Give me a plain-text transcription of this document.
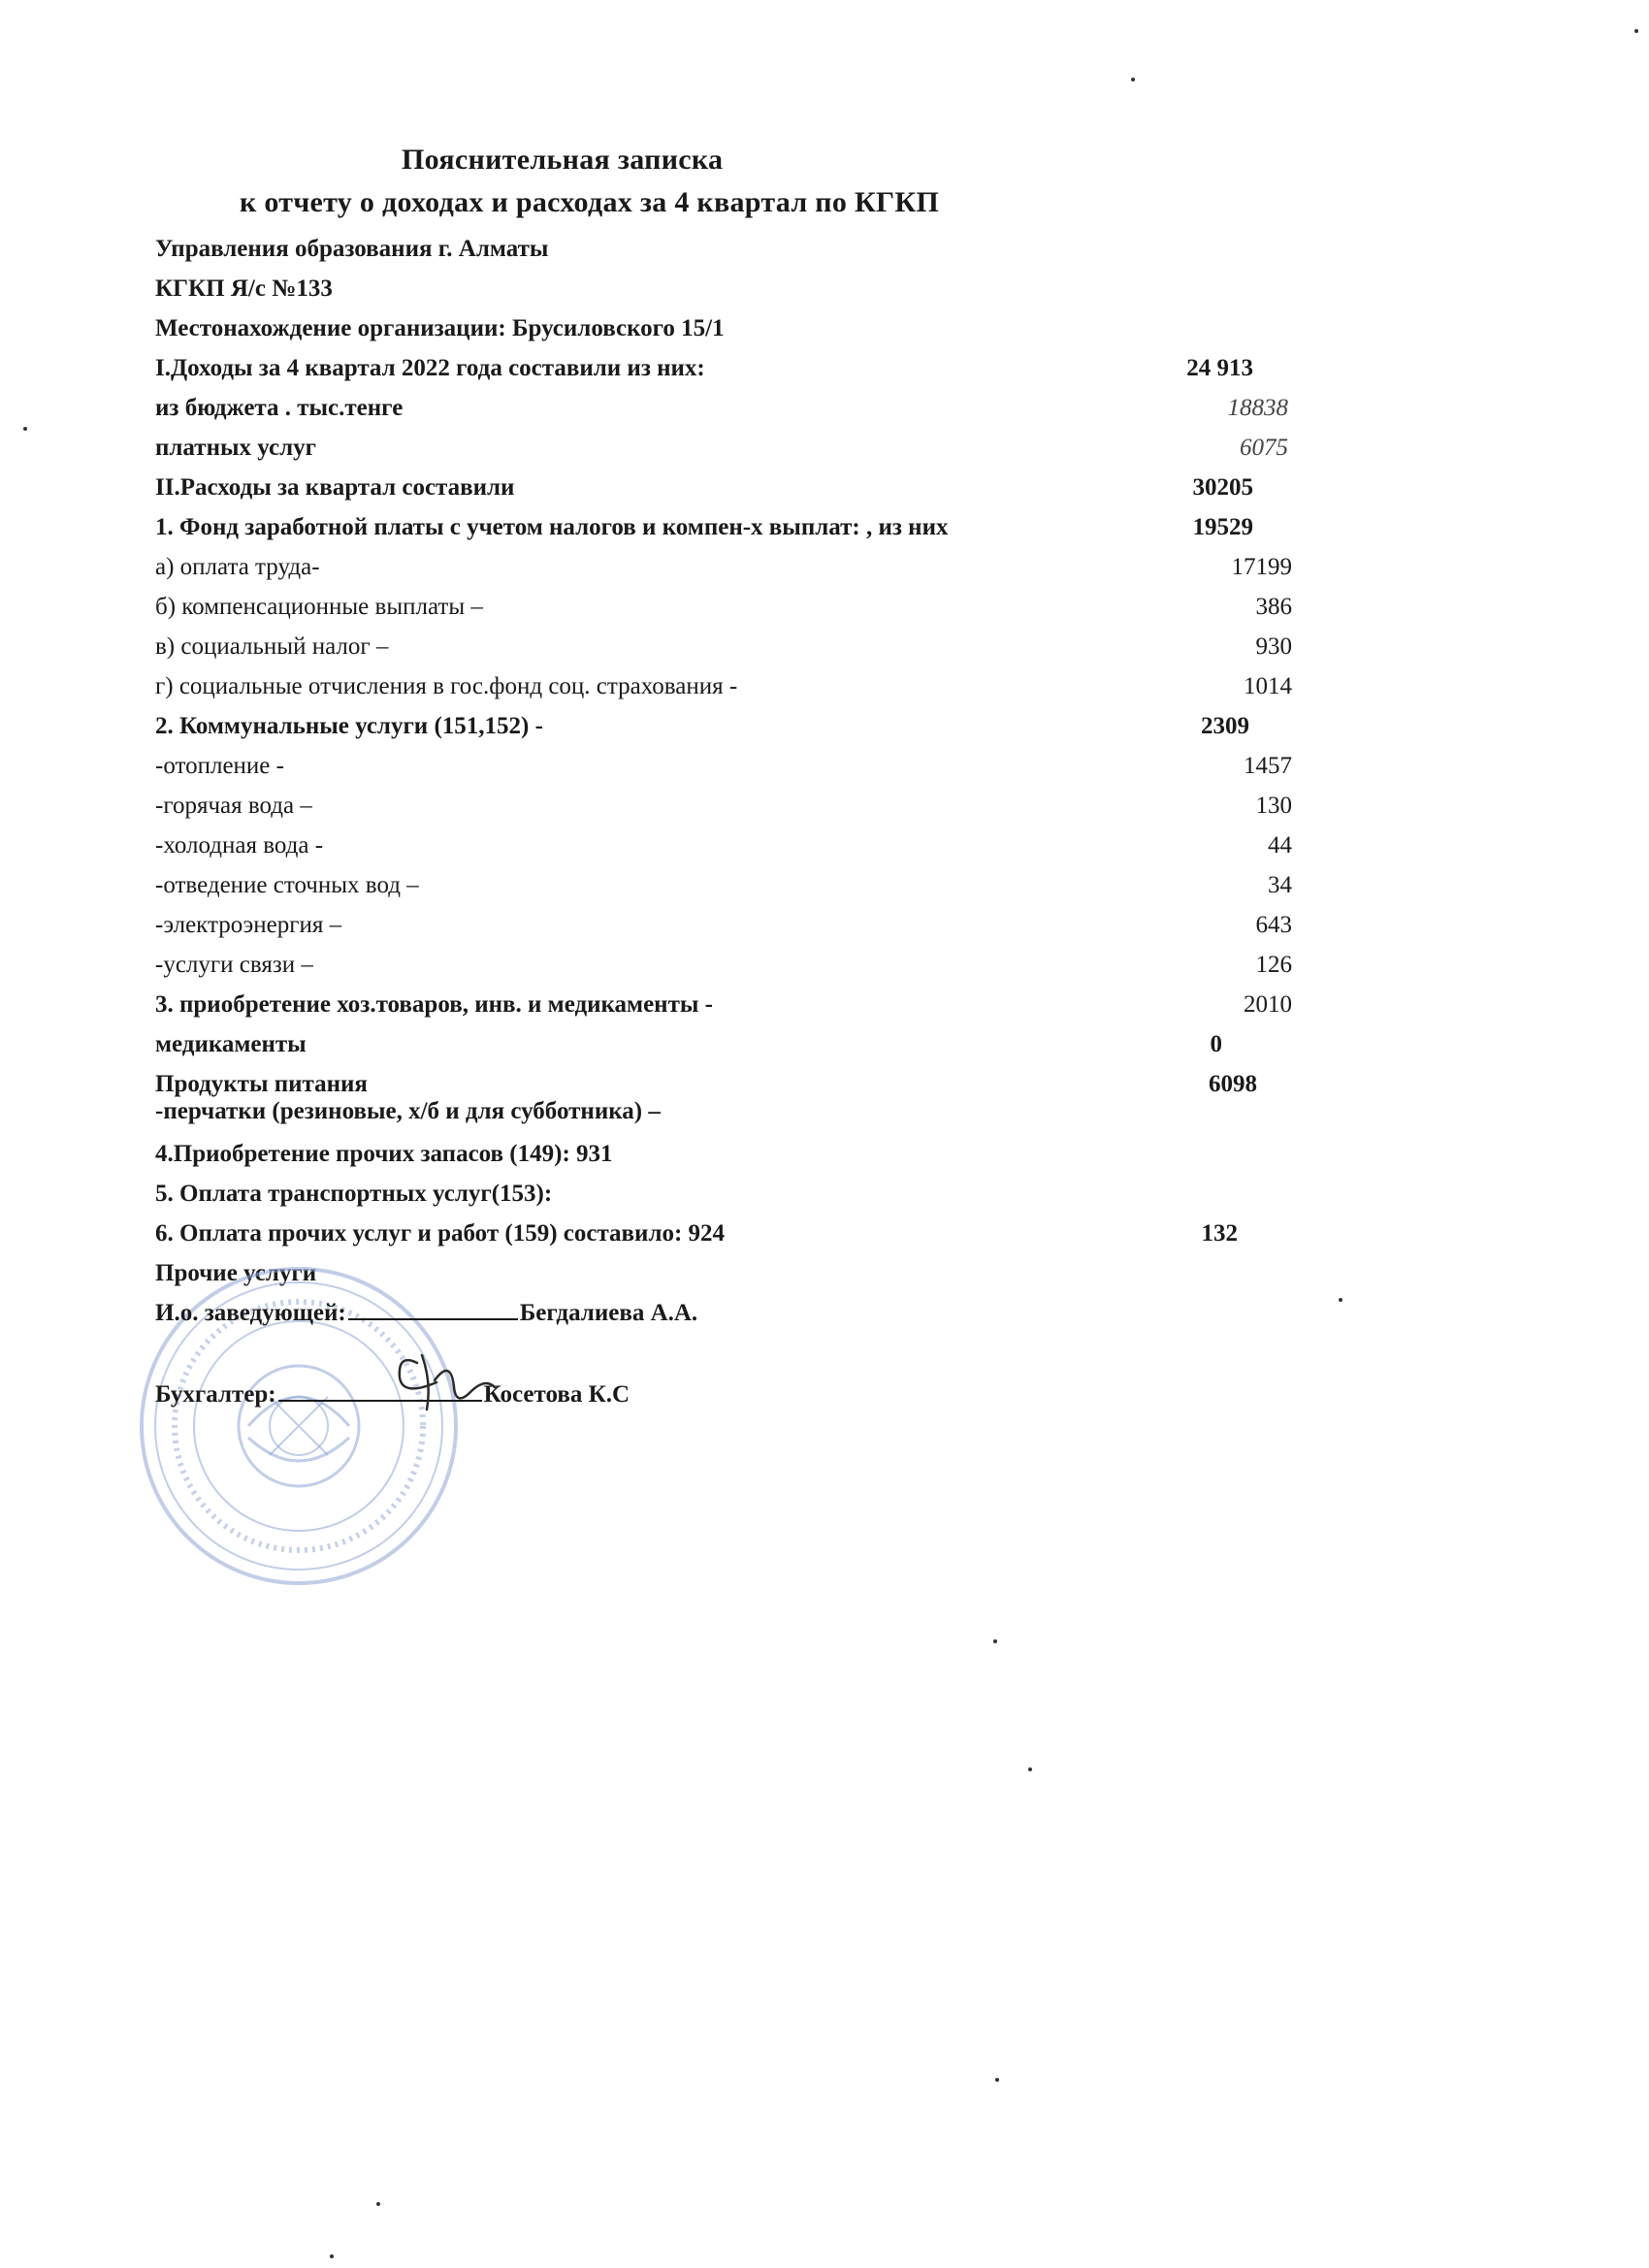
Пояснительная записка
к отчету о доходах и расходах за 4 квартал по КГКП
Управления образования г. Алматы
КГКП Я/с №133
Местонахождение организации: Брусиловского 15/1
I.Доходы за 4 квартал 2022 года составили из них:	24 913
из бюджета . тыс.тенге	18838
платных услуг	6075
II.Расходы за квартал составили	30205
1. Фонд заработной платы с учетом налогов и компен-х выплат: , из них	19529
а) оплата труда-	17199
б) компенсационные выплаты –	386
в) социальный налог –	930
г) социальные отчисления в гос.фонд соц. страхования -	1014
2. Коммунальные услуги (151,152) -	2309
-отопление -	1457
-горячая вода –	130
-холодная вода -	44
-отведение сточных вод –	34
-электроэнергия –	643
-услуги связи –	126
3. приобретение хоз.товаров, инв. и медикаменты -	2010
медикаменты	0
Продукты питания	6098
-перчатки (резиновые, х/б и для субботника) –
4.Приобретение прочих запасов (149): 931
5. Оплата транспортных услуг(153):
6. Оплата прочих услуг и работ (159) составило: 924	132
Прочие услуги
И.о. заведующей:	Бегдалиева А.А.
Бухгалтер:	Косетова К.С
